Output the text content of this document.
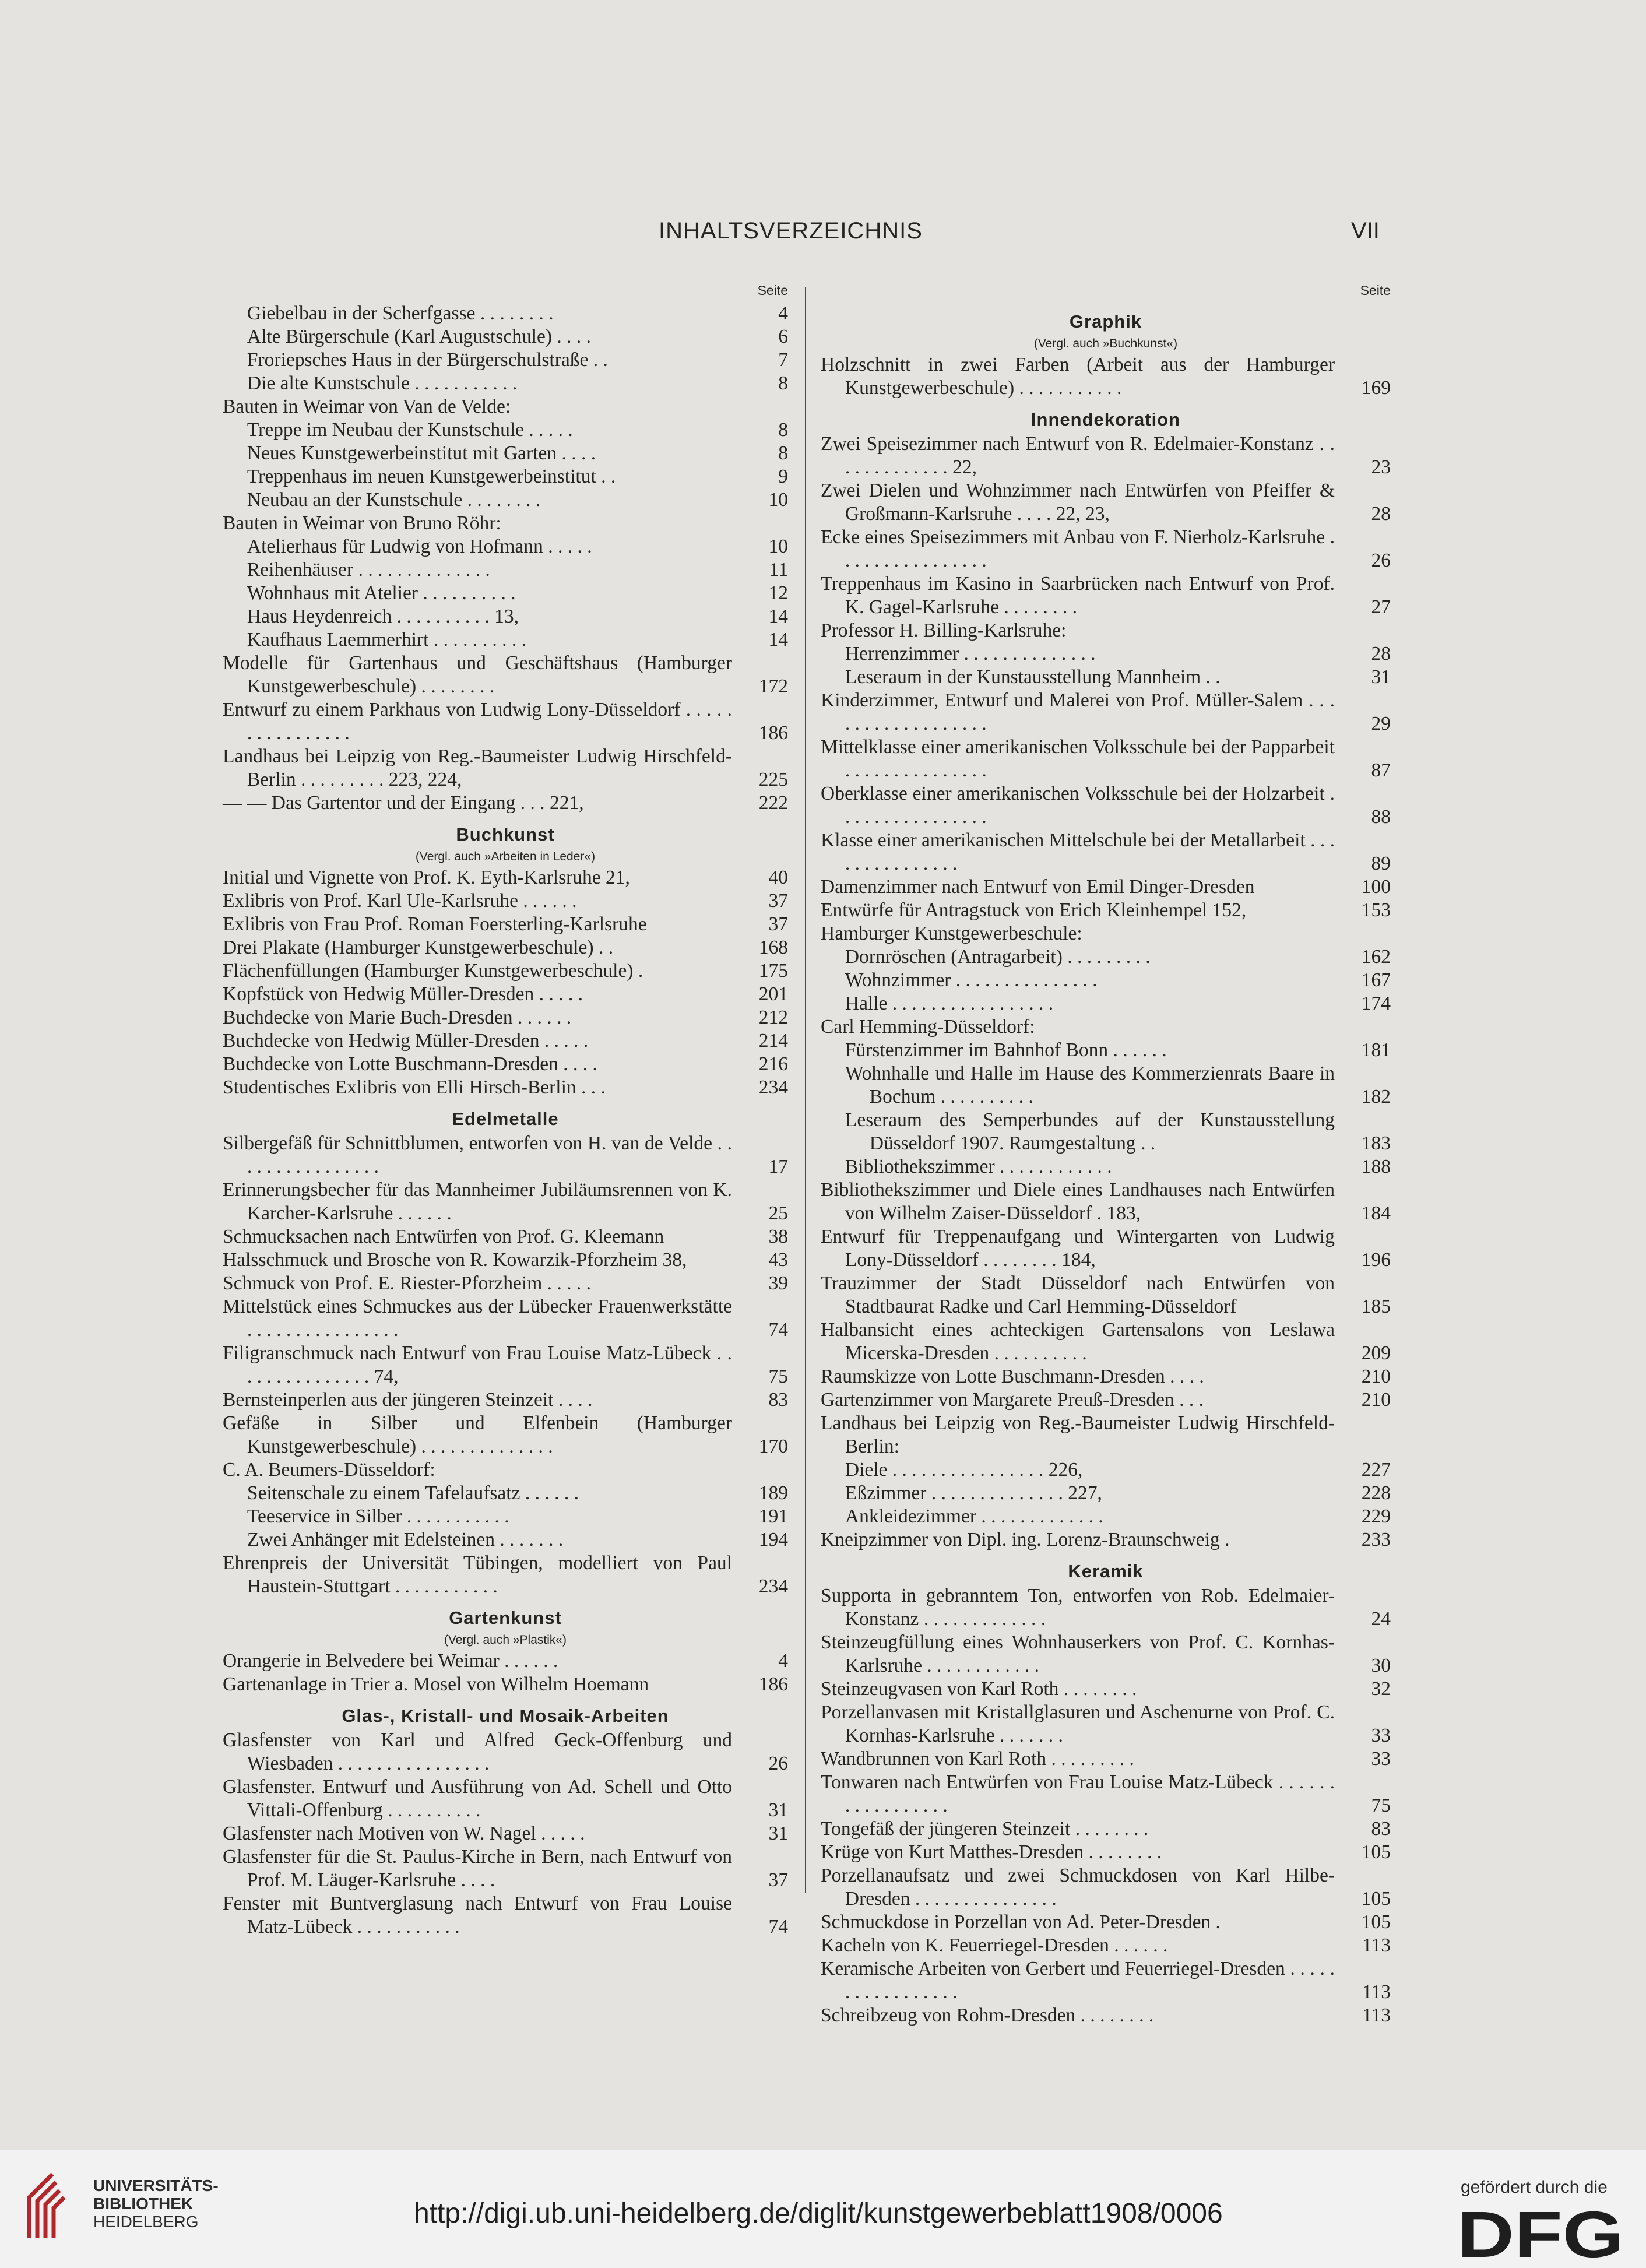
INHALTSVERZEICHNIS	VII
Seite
Giebelbau in der Scherfgasse . . . . . . . .	4
Alte Bürgerschule (Karl Augustschule) . . . .	6
Froriepsches Haus in der Bürgerschulstraße . .	7
Die alte Kunstschule . . . . . . . . . . .	8
Bauten in Weimar von Van de Velde:
Treppe im Neubau der Kunstschule . . . . .	8
Neues Kunstgewerbeinstitut mit Garten . . . .	8
Treppenhaus im neuen Kunstgewerbeinstitut . .	9
Neubau an der Kunstschule . . . . . . . .	10
Bauten in Weimar von Bruno Röhr:
Atelierhaus für Ludwig von Hofmann . . . . .	10
Reihenhäuser . . . . . . . . . . . . . .	11
Wohnhaus mit Atelier . . . . . . . . . .	12
Haus Heydenreich . . . . . . . . . . 13,	14
Kaufhaus Laemmerhirt . . . . . . . . . .	14
Modelle für Gartenhaus und Geschäftshaus (Hamburger Kunstgewerbeschule) . . . . . . . .	172
Entwurf zu einem Parkhaus von Ludwig Lony-Düsseldorf . . . . . . . . . . . . . . . .	186
Landhaus bei Leipzig von Reg.-Baumeister Ludwig Hirschfeld-Berlin . . . . . . . . . 223, 224,	225
— — Das Gartentor und der Eingang . . . 221,	222
Buchkunst
(Vergl. auch »Arbeiten in Leder«)
Initial und Vignette von Prof. K. Eyth-Karlsruhe 21,	40
Exlibris von Prof. Karl Ule-Karlsruhe . . . . . .	37
Exlibris von Frau Prof. Roman Foersterling-Karlsruhe	37
Drei Plakate (Hamburger Kunstgewerbeschule) . .	168
Flächenfüllungen (Hamburger Kunstgewerbeschule) .	175
Kopfstück von Hedwig Müller-Dresden . . . . .	201
Buchdecke von Marie Buch-Dresden . . . . . .	212
Buchdecke von Hedwig Müller-Dresden . . . . .	214
Buchdecke von Lotte Buschmann-Dresden . . . .	216
Studentisches Exlibris von Elli Hirsch-Berlin . . .	234
Edelmetalle
Silbergefäß für Schnittblumen, entworfen von H. van de Velde . . . . . . . . . . . . . . . .	17
Erinnerungsbecher für das Mannheimer Jubiläumsrennen von K. Karcher-Karlsruhe . . . . . .	25
Schmucksachen nach Entwürfen von Prof. G. Kleemann	38
Halsschmuck und Brosche von R. Kowarzik-Pforzheim 38,	43
Schmuck von Prof. E. Riester-Pforzheim . . . . .	39
Mittelstück eines Schmuckes aus der Lübecker Frauenwerkstätte . . . . . . . . . . . . . . . .	74
Filigranschmuck nach Entwurf von Frau Louise Matz-Lübeck . . . . . . . . . . . . . . . 74,	75
Bernsteinperlen aus der jüngeren Steinzeit . . . .	83
Gefäße in Silber und Elfenbein (Hamburger Kunstgewerbeschule) . . . . . . . . . . . . . .	170
C. A. Beumers-Düsseldorf:
Seitenschale zu einem Tafelaufsatz . . . . . .	189
Teeservice in Silber . . . . . . . . . . .	191
Zwei Anhänger mit Edelsteinen . . . . . . .	194
Ehrenpreis der Universität Tübingen, modelliert von Paul Haustein-Stuttgart . . . . . . . . . . .	234
Gartenkunst
(Vergl. auch »Plastik«)
Orangerie in Belvedere bei Weimar . . . . . .	4
Gartenanlage in Trier a. Mosel von Wilhelm Hoemann	186
Glas-, Kristall- und Mosaik-Arbeiten
Glasfenster von Karl und Alfred Geck-Offenburg und Wiesbaden . . . . . . . . . . . . . . . .	26
Glasfenster. Entwurf und Ausführung von Ad. Schell und Otto Vittali-Offenburg . . . . . . . . . .	31
Glasfenster nach Motiven von W. Nagel . . . . .	31
Glasfenster für die St. Paulus-Kirche in Bern, nach Entwurf von Prof. M. Läuger-Karlsruhe . . . .	37
Fenster mit Buntverglasung nach Entwurf von Frau Louise Matz-Lübeck . . . . . . . . . . .	74
Seite
Graphik
(Vergl. auch »Buchkunst«)
Holzschnitt in zwei Farben (Arbeit aus der Hamburger Kunstgewerbeschule) . . . . . . . . . . .	169
Innendekoration
Zwei Speisezimmer nach Entwurf von R. Edelmaier-Konstanz . . . . . . . . . . . . . 22,	23
Zwei Dielen und Wohnzimmer nach Entwürfen von Pfeiffer & Großmann-Karlsruhe . . . . 22, 23,	28
Ecke eines Speisezimmers mit Anbau von F. Nierholz-Karlsruhe . . . . . . . . . . . . . . . .	26
Treppenhaus im Kasino in Saarbrücken nach Entwurf von Prof. K. Gagel-Karlsruhe . . . . . . . .	27
Professor H. Billing-Karlsruhe:
Herrenzimmer . . . . . . . . . . . . . .	28
Leseraum in der Kunstausstellung Mannheim . .	31
Kinderzimmer, Entwurf und Malerei von Prof. Müller-Salem . . . . . . . . . . . . . . . . . .	29
Mittelklasse einer amerikanischen Volksschule bei der Papparbeit . . . . . . . . . . . . . . .	87
Oberklasse einer amerikanischen Volksschule bei der Holzarbeit . . . . . . . . . . . . . . . .	88
Klasse einer amerikanischen Mittelschule bei der Metallarbeit . . . . . . . . . . . . . . .	89
Damenzimmer nach Entwurf von Emil Dinger-Dresden	100
Entwürfe für Antragstuck von Erich Kleinhempel 152,	153
Hamburger Kunstgewerbeschule:
Dornröschen (Antragarbeit) . . . . . . . . .	162
Wohnzimmer . . . . . . . . . . . . . . .	167
Halle . . . . . . . . . . . . . . . . .	174
Carl Hemming-Düsseldorf:
Fürstenzimmer im Bahnhof Bonn . . . . . .	181
Wohnhalle und Halle im Hause des Kommerzienrats Baare in Bochum . . . . . . . . . .	182
Leseraum des Semperbundes auf der Kunstausstellung Düsseldorf 1907. Raumgestaltung . .	183
Bibliothekszimmer . . . . . . . . . . . .	188
Bibliothekszimmer und Diele eines Landhauses nach Entwürfen von Wilhelm Zaiser-Düsseldorf . 183,	184
Entwurf für Treppenaufgang und Wintergarten von Ludwig Lony-Düsseldorf . . . . . . . . 184,	196
Trauzimmer der Stadt Düsseldorf nach Entwürfen von Stadtbaurat Radke und Carl Hemming-Düsseldorf	185
Halbansicht eines achteckigen Gartensalons von Leslawa Micerska-Dresden . . . . . . . . . .	209
Raumskizze von Lotte Buschmann-Dresden . . . .	210
Gartenzimmer von Margarete Preuß-Dresden . . .	210
Landhaus bei Leipzig von Reg.-Baumeister Ludwig Hirschfeld-Berlin:
Diele . . . . . . . . . . . . . . . . 226,	227
Eßzimmer . . . . . . . . . . . . . . 227,	228
Ankleidezimmer . . . . . . . . . . . . .	229
Kneipzimmer von Dipl. ing. Lorenz-Braunschweig .	233
Keramik
Supporta in gebranntem Ton, entworfen von Rob. Edelmaier-Konstanz . . . . . . . . . . . . .	24
Steinzeugfüllung eines Wohnhauserkers von Prof. C. Kornhas-Karlsruhe . . . . . . . . . . . .	30
Steinzeugvasen von Karl Roth . . . . . . . .	32
Porzellanvasen mit Kristallglasuren und Aschenurne von Prof. C. Kornhas-Karlsruhe . . . . . . .	33
Wandbrunnen von Karl Roth . . . . . . . . .	33
Tonwaren nach Entwürfen von Frau Louise Matz-Lübeck . . . . . . . . . . . . . . . . .	75
Tongefäß der jüngeren Steinzeit . . . . . . . .	83
Krüge von Kurt Matthes-Dresden . . . . . . . .	105
Porzellanaufsatz und zwei Schmuckdosen von Karl Hilbe-Dresden . . . . . . . . . . . . . . .	105
Schmuckdose in Porzellan von Ad. Peter-Dresden .	105
Kacheln von K. Feuerriegel-Dresden . . . . . .	113
Keramische Arbeiten von Gerbert und Feuerriegel-Dresden . . . . . . . . . . . . . . . . .	113
Schreibzeug von Rohm-Dresden . . . . . . . .	113
UNIVERSITÄTS-
BIBLIOTHEK
HEIDELBERG	http://digi.ub.uni-heidelberg.de/diglit/kunstgewerbeblatt1908/0006
gefördert durch die
DFG
